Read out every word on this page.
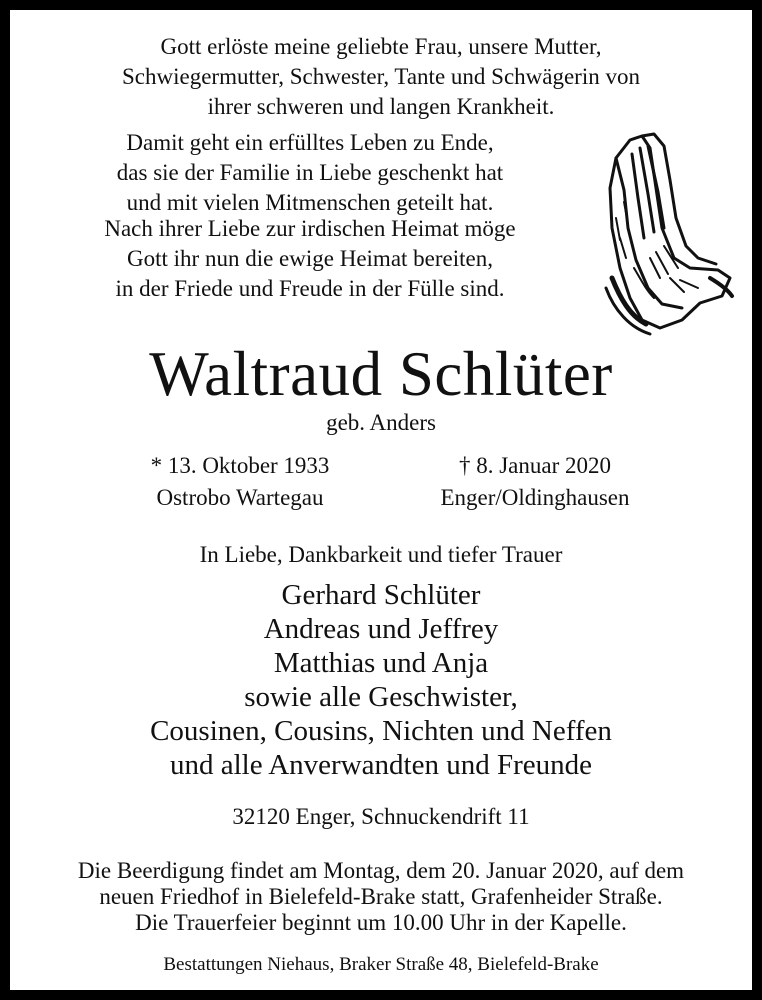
Gott erlöste meine geliebte Frau, unsere Mutter,
Schwiegermutter, Schwester, Tante und Schwägerin von
ihrer schweren und langen Krankheit.
Damit geht ein erfülltes Leben zu Ende,
das sie der Familie in Liebe geschenkt hat
und mit vielen Mitmenschen geteilt hat.
Nach ihrer Liebe zur irdischen Heimat möge
Gott ihr nun die ewige Heimat bereiten,
in der Friede und Freude in der Fülle sind.
Waltraud Schlüter
geb. Anders
* 13. Oktober 1933
Ostrobo Wartegau
† 8. Januar 2020
Enger/Oldinghausen
In Liebe, Dankbarkeit und tiefer Trauer
Gerhard Schlüter
Andreas und Jeffrey
Matthias und Anja
sowie alle Geschwister,
Cousinen, Cousins, Nichten und Neffen
und alle Anverwandten und Freunde
32120 Enger, Schnuckendrift 11
Die Beerdigung findet am Montag, dem 20. Januar 2020, auf dem
neuen Friedhof in Bielefeld-Brake statt, Grafenheider Straße.
Die Trauerfeier beginnt um 10.00 Uhr in der Kapelle.
Bestattungen Niehaus, Braker Straße 48, Bielefeld-Brake
